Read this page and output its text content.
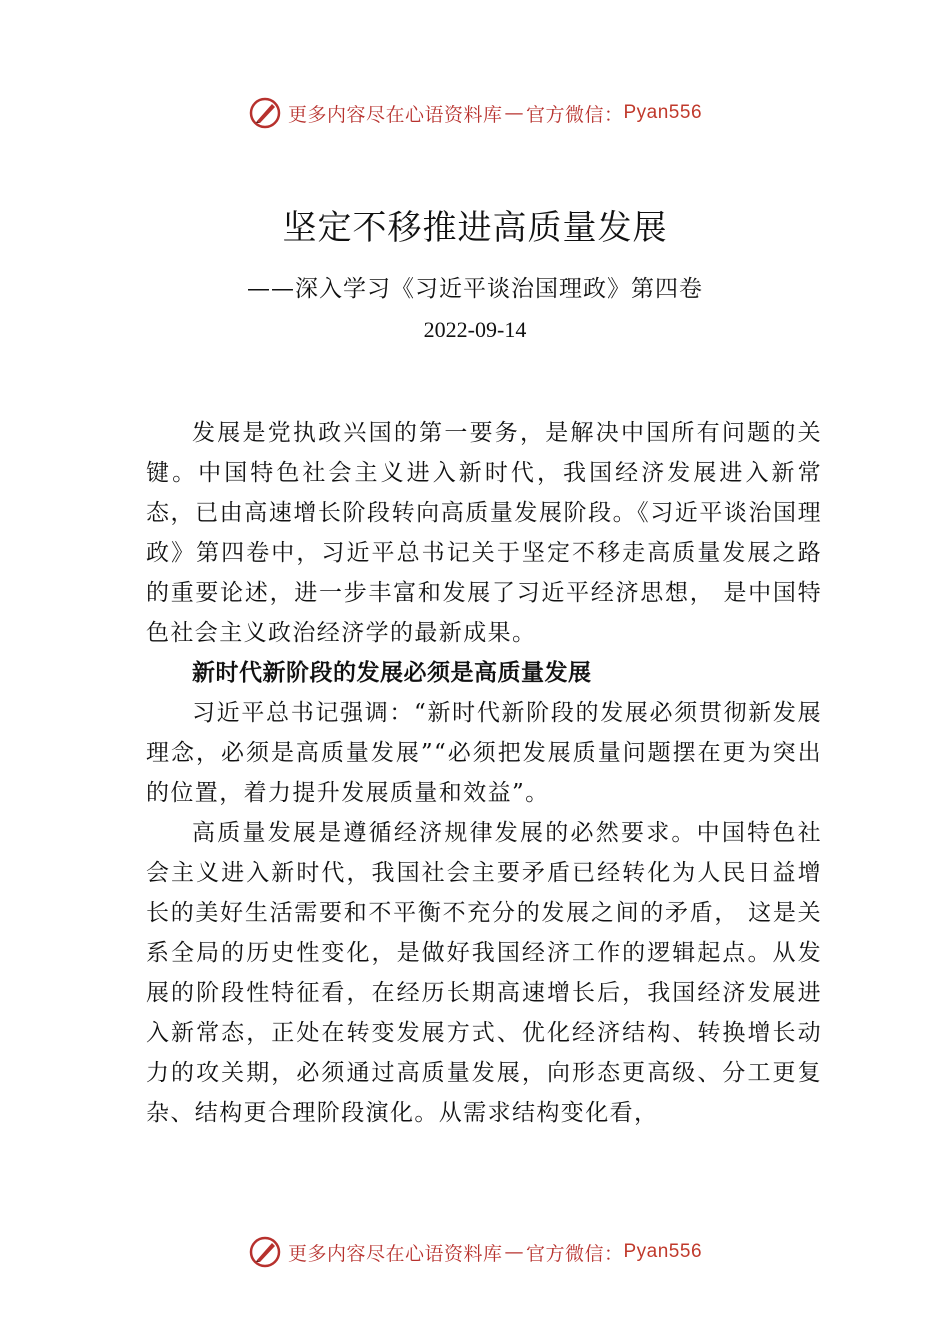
更多内容尽在心语资料库 — 官方微信： Pyan556
坚定不移推进高质量发展
——深入学习《习近平谈治国理政》第四卷
2022-09-14

发展是党执政兴国的第一要务，是解决中国所有问题的关键。中国特色社会主义进入新时代，我国经济发展进入新常态，已由高速增长阶段转向高质量发展阶段。《习近平谈治国理政》第四卷中，习近平总书记关于坚定不移走高质量发展之路的重要论述，进一步丰富和发展了习近平经济思想， 是中国特色社会主义政治经济学的最新成果。

新时代新阶段的发展必须是高质量发展

习近平总书记强调：“新时代新阶段的发展必须贯彻新发展理念，必须是高质量发展”“必须把发展质量问题摆在更为突出的位置，着力提升发展质量和效益”。

高质量发展是遵循经济规律发展的必然要求。中国特色社会主义进入新时代，我国社会主要矛盾已经转化为人民日益增长的美好生活需要和不平衡不充分的发展之间的矛盾， 这是关系全局的历史性变化，是做好我国经济工作的逻辑起点。从发展的阶段性特征看，在经历长期高速增长后，我国经济发展进入新常态，正处在转变发展方式、优化经济结构、转换增长动力的攻关期，必须通过高质量发展，向形态更高级、分工更复杂、结构更合理阶段演化。从需求结构变化看，

更多内容尽在心语资料库 — 官方微信： Pyan556
